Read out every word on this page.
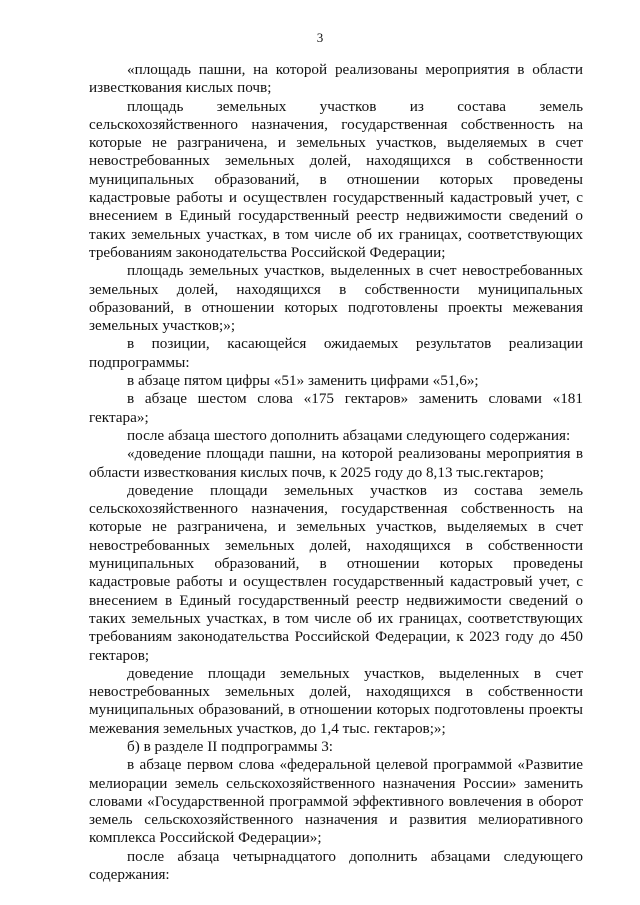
3

«площадь пашни, на которой реализованы мероприятия в области известкования кислых почв;

площадь земельных участков из состава земель сельскохозяйственного назначения, государственная собственность на которые не разграничена, и земельных участков, выделяемых в счет невостребованных земельных долей, находящихся в собственности муниципальных образований, в отношении которых проведены кадастровые работы и осуществлен государственный кадастровый учет, с внесением в Единый государственный реестр недвижимости сведений о таких земельных участках, в том числе об их границах, соответствующих требованиям законодательства Российской Федерации;

площадь земельных участков, выделенных в счет невостребованных земельных долей, находящихся в собственности муниципальных образований, в отношении которых подготовлены проекты межевания земельных участков;»;

в позиции, касающейся ожидаемых результатов реализации подпрограммы:

в абзаце пятом цифры «51» заменить цифрами «51,6»;

в абзаце шестом слова «175 гектаров» заменить словами «181 гектара»;

после абзаца шестого дополнить абзацами следующего содержания:

«доведение площади пашни, на которой реализованы мероприятия в области известкования кислых почв, к 2025 году до 8,13 тыс.гектаров;

доведение площади земельных участков из состава земель сельскохозяйственного назначения, государственная собственность на которые не разграничена, и земельных участков, выделяемых в счет невостребованных земельных долей, находящихся в собственности муниципальных образований, в отношении которых проведены кадастровые работы и осуществлен государственный кадастровый учет, с внесением в Единый государственный реестр недвижимости сведений о таких земельных участках, в том числе об их границах, соответствующих требованиям законодательства Российской Федерации, к 2023 году до 450 гектаров;

доведение площади земельных участков, выделенных в счет невостребованных земельных долей, находящихся в собственности муниципальных образований, в отношении которых подготовлены проекты межевания земельных участков, до 1,4 тыс. гектаров;»;

б) в разделе II подпрограммы 3:

в абзаце первом слова «федеральной целевой программой «Развитие мелиорации земель сельскохозяйственного назначения России» заменить словами «Государственной программой эффективного вовлечения в оборот земель сельскохозяйственного назначения и развития мелиоративного комплекса Российской Федерации»;

после абзаца четырнадцатого дополнить абзацами следующего содержания:
